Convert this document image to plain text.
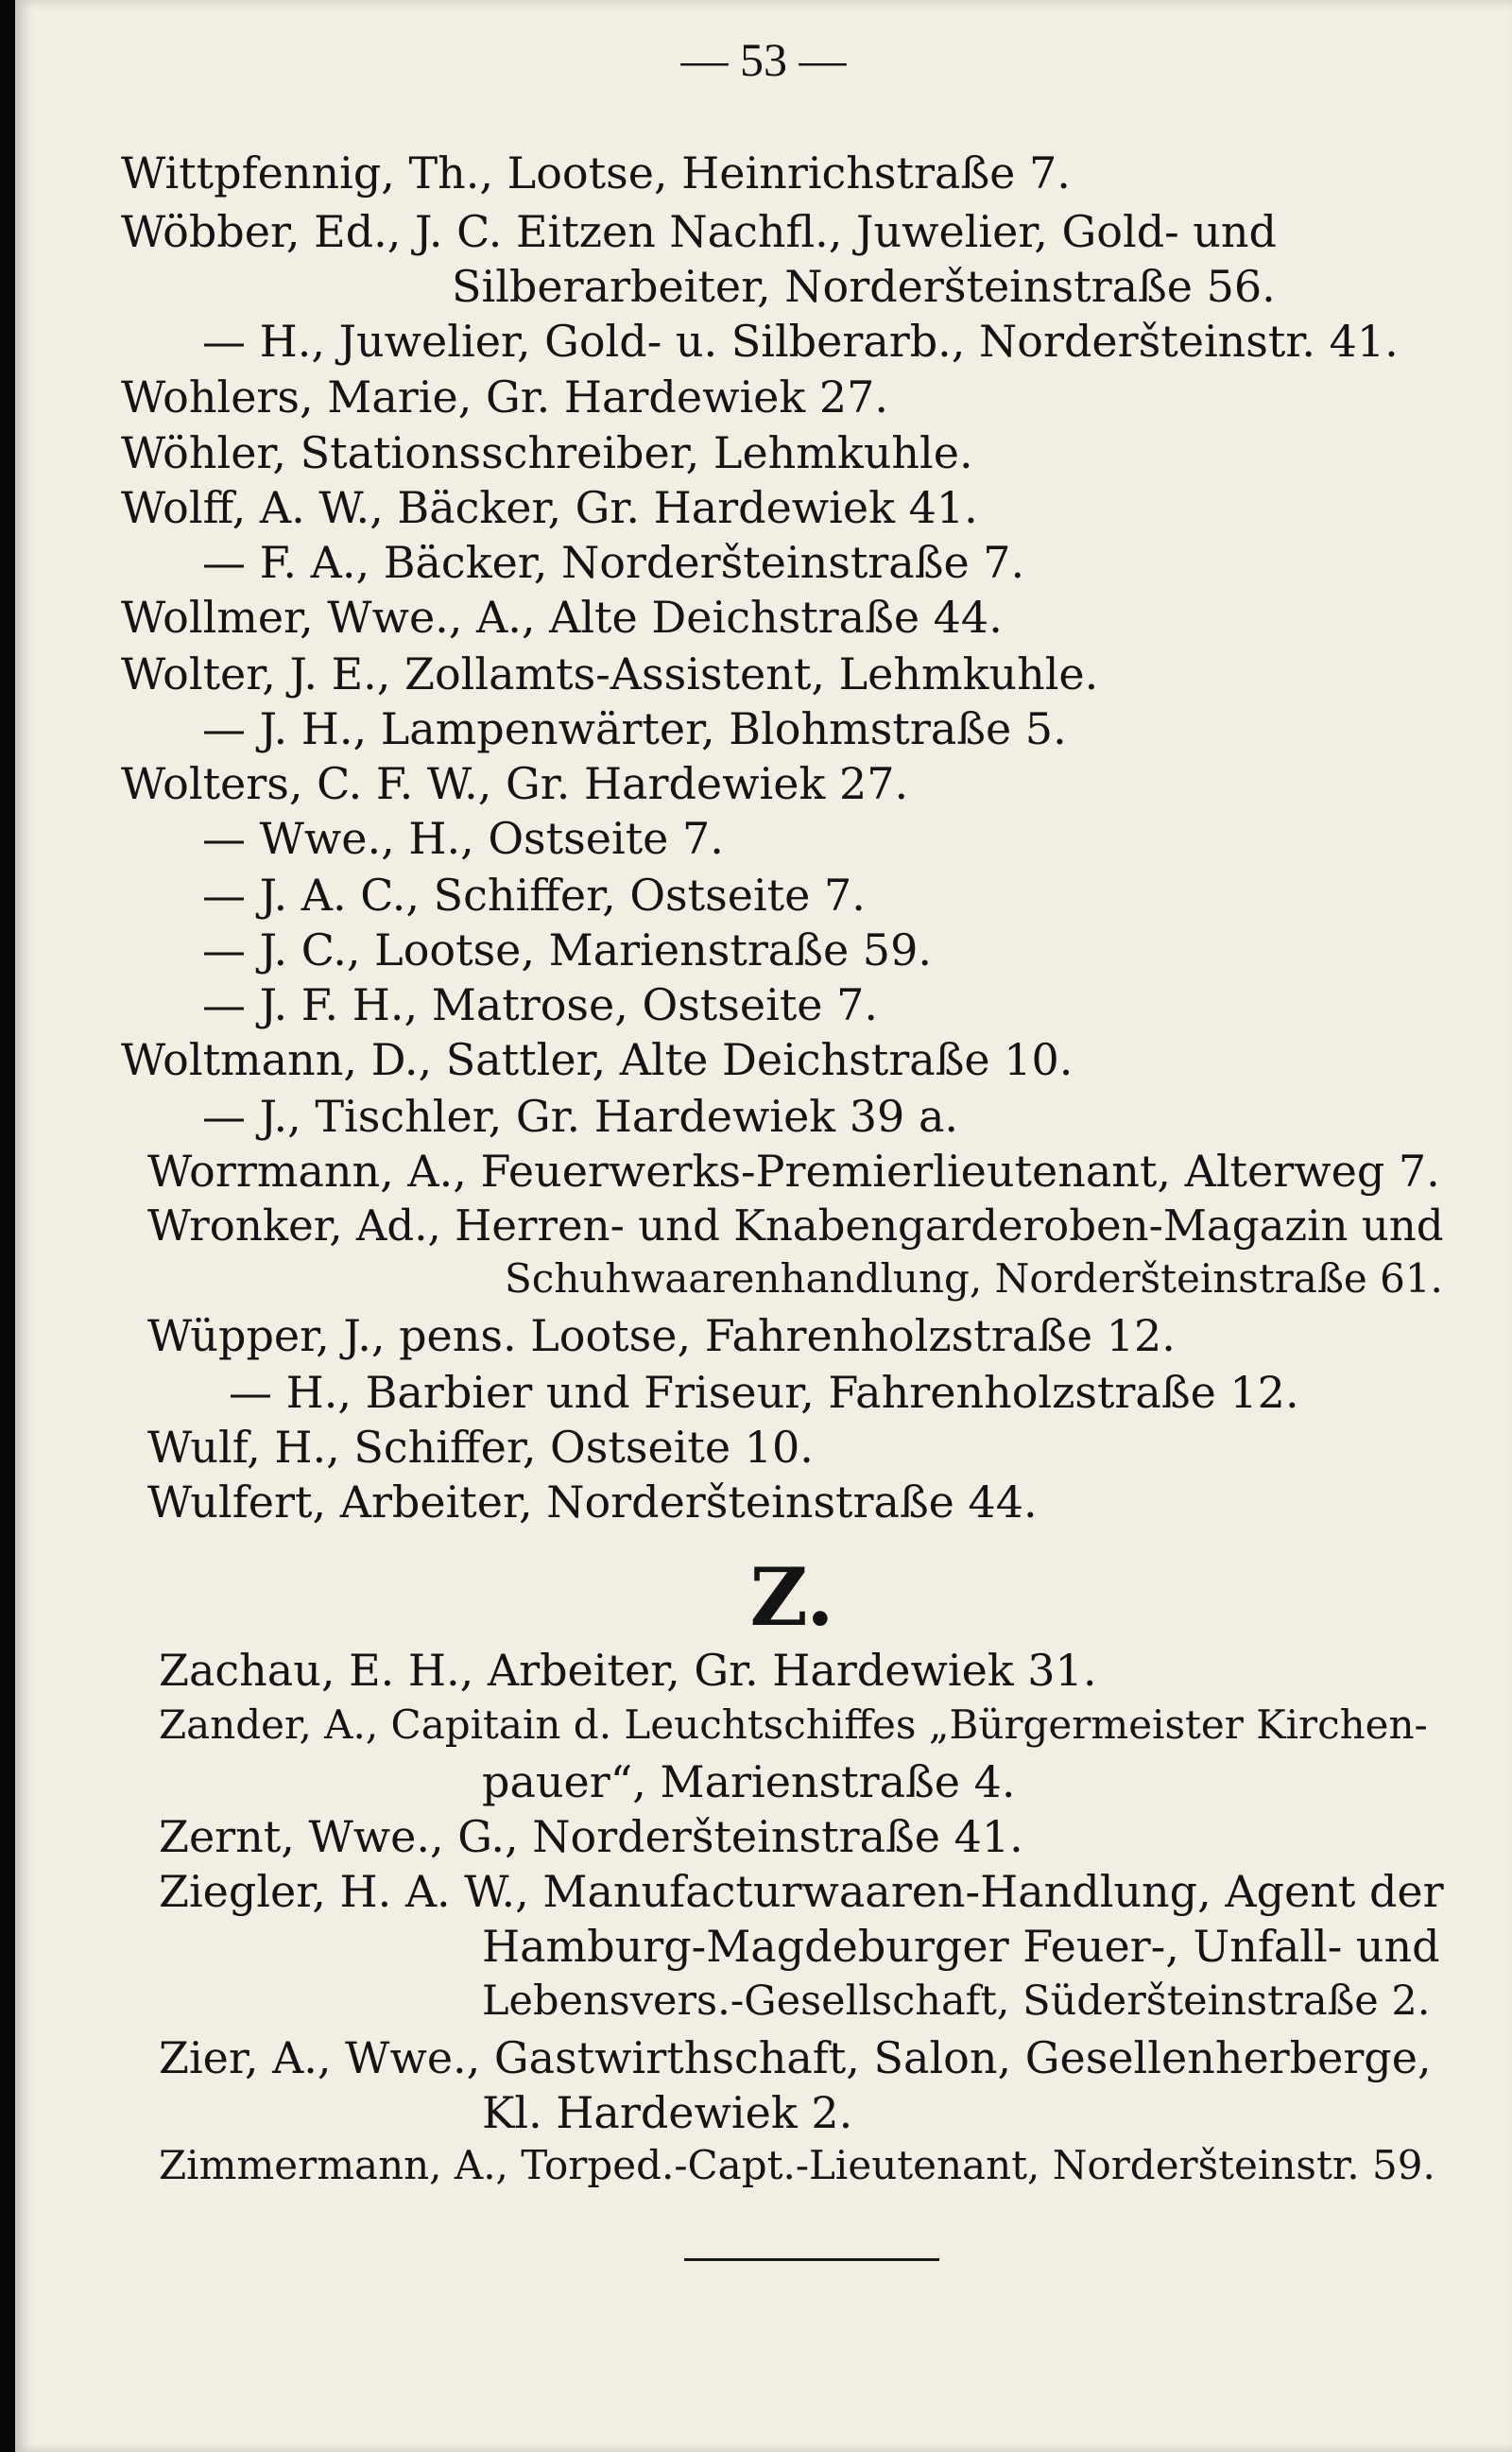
— 53 —
Wittpfennig, Th., Lootse, Heinrichstraße 7.
Wöbber, Ed., J. C. Eitzen Nachfl., Juwelier, Gold- und
Silberarbeiter, Norderšteinstraße 56.
— H., Juwelier, Gold- u. Silberarb., Norderšteinstr. 41.
Wohlers, Marie, Gr. Hardewiek 27.
Wöhler, Stationsschreiber, Lehmkuhle.
Wolff, A. W., Bäcker, Gr. Hardewiek 41.
— F. A., Bäcker, Norderšteinstraße 7.
Wollmer, Wwe., A., Alte Deichstraße 44.
Wolter, J. E., Zollamts-Assistent, Lehmkuhle.
— J. H., Lampenwärter, Blohmstraße 5.
Wolters, C. F. W., Gr. Hardewiek 27.
— Wwe., H., Ostseite 7.
— J. A. C., Schiffer, Ostseite 7.
— J. C., Lootse, Marienstraße 59.
— J. F. H., Matrose, Ostseite 7.
Woltmann, D., Sattler, Alte Deichstraße 10.
— J., Tischler, Gr. Hardewiek 39 a.
Worrmann, A., Feuerwerks-Premierlieutenant, Alterweg 7.
Wronker, Ad., Herren- und Knabengarderoben-Magazin und
Schuhwaarenhandlung, Norderšteinstraße 61.
Wüpper, J., pens. Lootse, Fahrenholzstraße 12.
— H., Barbier und Friseur, Fahrenholzstraße 12.
Wulf, H., Schiffer, Ostseite 10.
Wulfert, Arbeiter, Norderšteinstraße 44.
Zachau, E. H., Arbeiter, Gr. Hardewiek 31.
Zander, A., Capitain d. Leuchtschiffes „Bürgermeister Kirchen-
pauer“, Marienstraße 4.
Zernt, Wwe., G., Norderšteinstraße 41.
Ziegler, H. A. W., Manufacturwaaren-Handlung, Agent der
Hamburg-Magdeburger Feuer-, Unfall- und
Lebensvers.-Gesellschaft, Süderšteinstraße 2.
Zier, A., Wwe., Gastwirthschaft, Salon, Gesellenherberge,
Kl. Hardewiek 2.
Zimmermann, A., Torped.-Capt.-Lieutenant, Norderšteinstr. 59.
Z.
